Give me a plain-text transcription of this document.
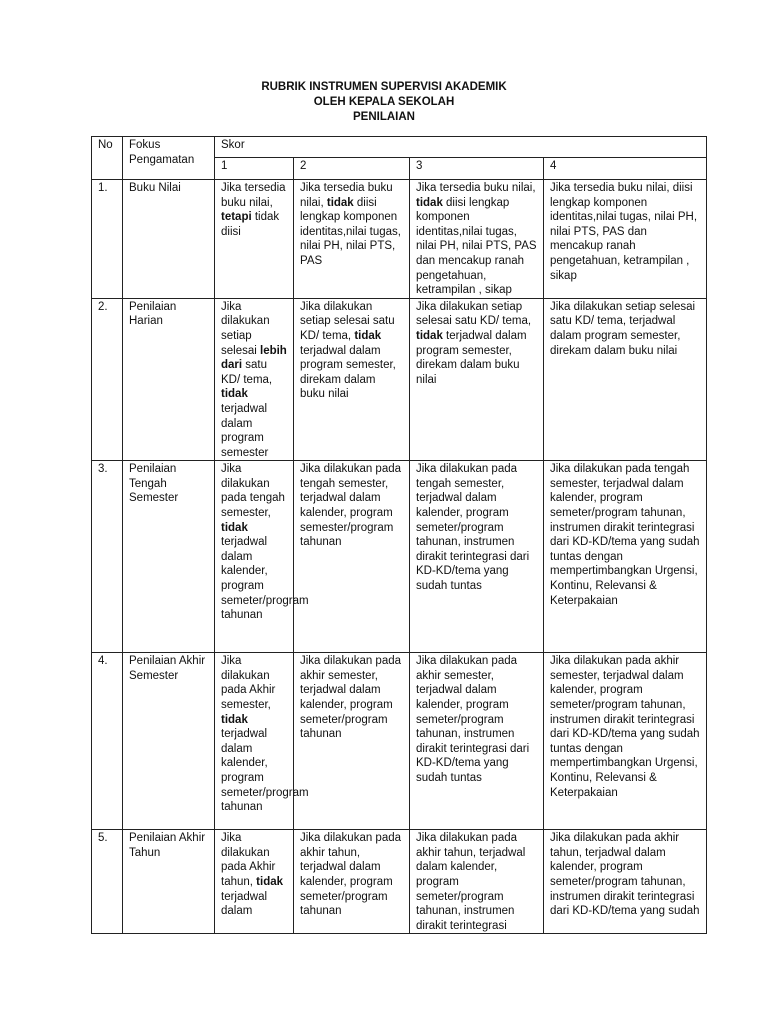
RUBRIK INSTRUMEN SUPERVISI AKADEMIK
OLEH KEPALA SEKOLAH
PENILAIAN
No	Fokus Pengamatan	Skor			
		1	2	3	4
1.	Buku Nilai	Jika tersedia buku nilai, tetapi tidak diisi	Jika tersedia buku nilai, tidak diisi lengkap komponen identitas,nilai tugas, nilai PH, nilai PTS, PAS	Jika tersedia buku nilai, tidak diisi lengkap komponen identitas,nilai tugas, nilai PH, nilai PTS, PAS dan mencakup ranah pengetahuan, ketrampilan , sikap	Jika tersedia buku nilai, diisi lengkap komponen identitas,nilai tugas, nilai PH, nilai PTS, PAS dan mencakup ranah pengetahuan, ketrampilan , sikap
2.	Penilaian Harian	Jika dilakukan setiap selesai lebih dari satu KD/ tema, tidak terjadwal dalam program semester	Jika dilakukan setiap selesai satu KD/ tema, tidak terjadwal dalam program semester, direkam dalam buku nilai	Jika dilakukan setiap selesai satu KD/ tema, tidak terjadwal dalam program semester, direkam dalam buku nilai	Jika dilakukan setiap selesai satu KD/ tema, terjadwal dalam program semester, direkam dalam buku nilai
3.	Penilaian Tengah Semester	Jika dilakukan pada tengah semester, tidak terjadwal dalam kalender, program semeter/program tahunan	Jika dilakukan pada tengah semester, terjadwal dalam kalender, program semester/program tahunan	Jika dilakukan pada tengah semester, terjadwal dalam kalender, program semeter/program tahunan, instrumen dirakit terintegrasi dari KD-KD/tema yang sudah tuntas	Jika dilakukan pada tengah semester, terjadwal dalam kalender, program semeter/program tahunan, instrumen dirakit terintegrasi dari KD-KD/tema yang sudah tuntas dengan mempertimbangkan Urgensi, Kontinu, Relevansi & Keterpakaian
4.	Penilaian Akhir Semester	Jika dilakukan pada Akhir semester, tidak terjadwal dalam kalender, program semeter/program tahunan	Jika dilakukan pada akhir semester, terjadwal dalam kalender, program semeter/program tahunan	Jika dilakukan pada akhir semester, terjadwal dalam kalender, program semeter/program tahunan, instrumen dirakit terintegrasi dari KD-KD/tema yang sudah tuntas	Jika dilakukan pada akhir semester, terjadwal dalam kalender, program semeter/program tahunan, instrumen dirakit terintegrasi dari KD-KD/tema yang sudah tuntas dengan mempertimbangkan Urgensi, Kontinu, Relevansi & Keterpakaian
5.	Penilaian Akhir Tahun	Jika dilakukan pada Akhir tahun, tidak terjadwal dalam	Jika dilakukan pada akhir tahun, terjadwal dalam kalender, program semeter/program tahunan	Jika dilakukan pada akhir tahun, terjadwal dalam kalender, program semeter/program tahunan, instrumen dirakit terintegrasi	Jika dilakukan pada akhir tahun, terjadwal dalam kalender, program semeter/program tahunan, instrumen dirakit terintegrasi dari KD-KD/tema yang sudah
